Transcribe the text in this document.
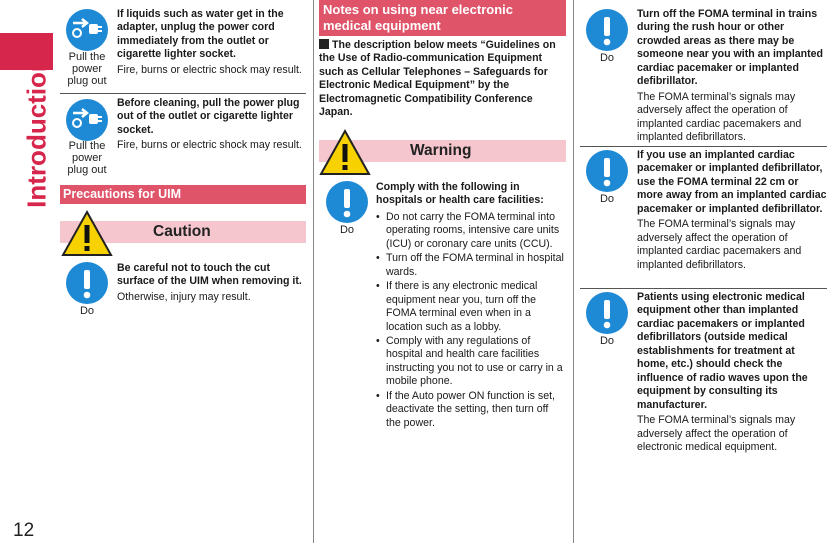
Introduction
12
Pull the power plug out
If liquids such as water get in the adapter, unplug the power cord immediately from the outlet or cigarette lighter socket.
Fire, burns or electric shock may result.
Pull the power plug out
Before cleaning, pull the power plug out of the outlet or cigarette lighter socket.
Fire, burns or electric shock may result.
Precautions for UIM
Caution
Do
Be careful not to touch the cut surface of the UIM when removing it.
Otherwise, injury may result.
Notes on using near electronic medical equipment
The description below meets “Guidelines on the Use of Radio-communication Equipment such as Cellular Telephones – Safeguards for Electronic Medical Equipment” by the Electromagnetic Compatibility Conference Japan.
Warning
Do
Comply with the following in hospitals or health care facilities:
• Do not carry the FOMA terminal into operating rooms, intensive care units (ICU) or coronary care units (CCU).
• Turn off the FOMA terminal in hospital wards.
• If there is any electronic medical equipment near you, turn off the FOMA terminal even when in a location such as a lobby.
• Comply with any regulations of hospital and health care facilities instructing you not to use or carry in a mobile phone.
• If the Auto power ON function is set, deactivate the setting, then turn off the power.
Do
Turn off the FOMA terminal in trains during the rush hour or other crowded areas as there may be someone near you with an implanted cardiac pacemaker or implanted defibrillator.
The FOMA terminal’s signals may adversely affect the operation of implanted cardiac pacemakers and implanted defibrillators.
Do
If you use an implanted cardiac pacemaker or implanted defibrillator, use the FOMA terminal 22 cm or more away from an implanted cardiac pacemaker or implanted defibrillator.
The FOMA terminal’s signals may adversely affect the operation of implanted cardiac pacemakers and implanted defibrillators.
Do
Patients using electronic medical equipment other than implanted cardiac pacemakers or implanted defibrillators (outside medical establishments for treatment at home, etc.) should check the influence of radio waves upon the equipment by consulting its manufacturer.
The FOMA terminal’s signals may adversely affect the operation of electronic medical equipment.
